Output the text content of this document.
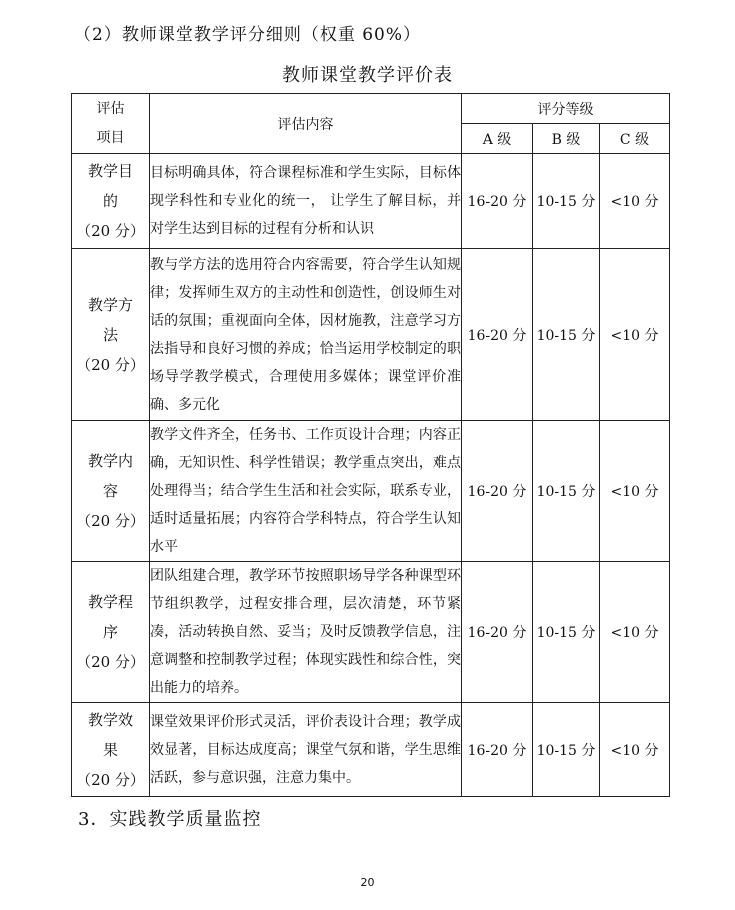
（2）教师课堂教学评分细则（权重 60%）
教师课堂教学评价表
评估
项目	评估内容	评分等级		
		A 级	B 级	C 级
教学目
的
（20 分）	目标明确具体，符合课程标准和学生实际，目标体现学科性和专业化的统一， 让学生了解目标，并对学生达到目标的过程有分析和认识	16-20 分	10-15 分	<10 分
教学方
法
（20 分）	教与学方法的选用符合内容需要，符合学生认知规律；发挥师生双方的主动性和创造性，创设师生对话的氛围；重视面向全体，因材施教，注意学习方法指导和良好习惯的养成；恰当运用学校制定的职场导学教学模式，合理使用多媒体；课堂评价准确、多元化	16-20 分	10-15 分	<10 分
教学内
容
（20 分）	教学文件齐全，任务书、工作页设计合理；内容正确，无知识性、科学性错误；教学重点突出，难点处理得当；结合学生生活和社会实际，联系专业，适时适量拓展；内容符合学科特点，符合学生认知水平	16-20 分	10-15 分	<10 分
教学程
序
（20 分）	团队组建合理，教学环节按照职场导学各种课型环节组织教学，过程安排合理，层次清楚，环节紧凑，活动转换自然、妥当；及时反馈教学信息，注意调整和控制教学过程；体现实践性和综合性，突出能力的培养。	16-20 分	10-15 分	<10 分
教学效
果
（20 分）	课堂效果评价形式灵活，评价表设计合理；教学成效显著，目标达成度高；课堂气氛和谐，学生思维活跃，参与意识强，注意力集中。	16-20 分	10-15 分	<10 分
3．实践教学质量监控
20
